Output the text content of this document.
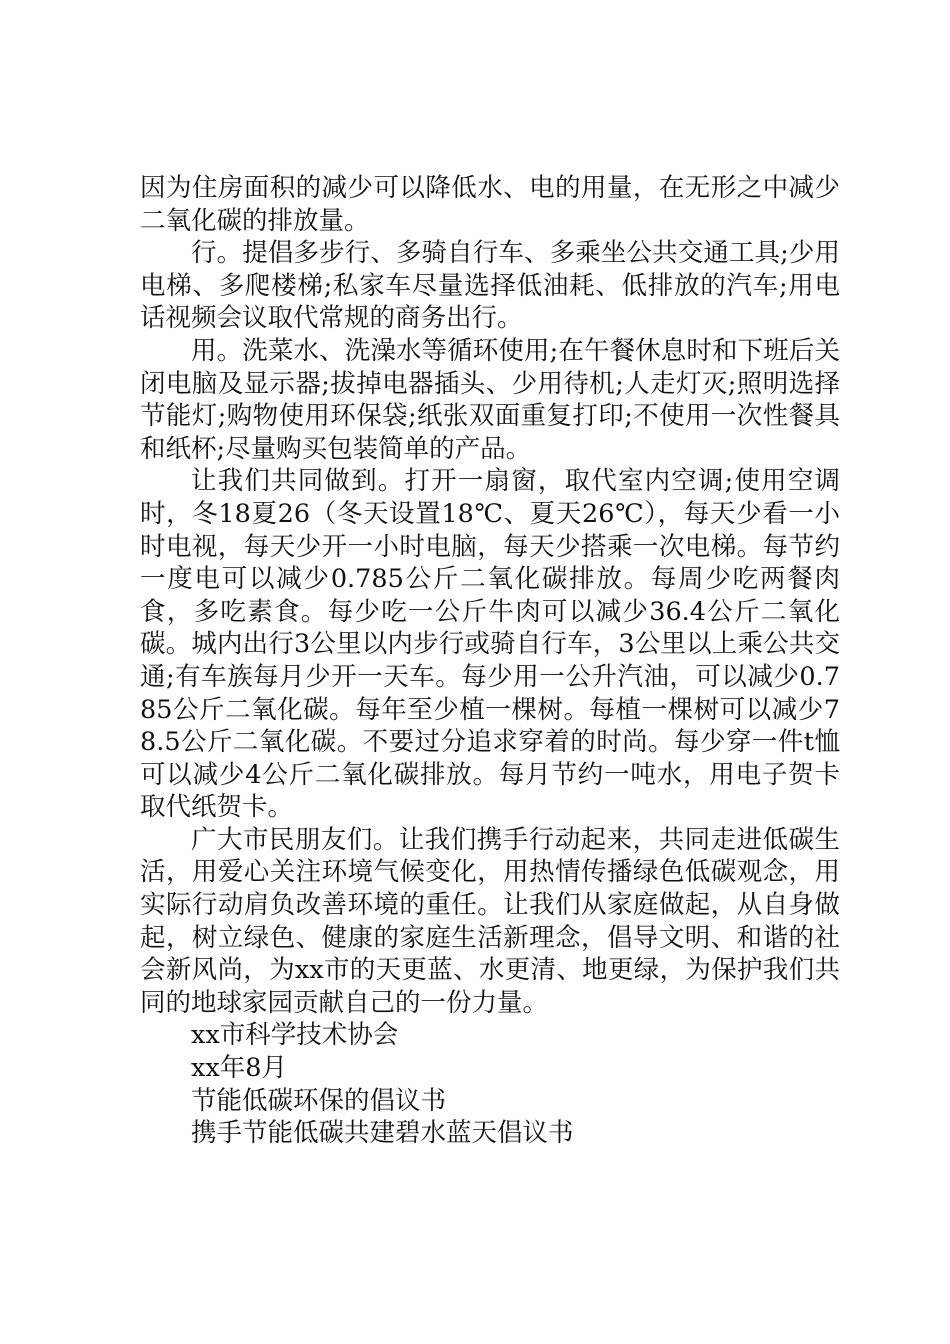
因为住房面积的减少可以降低水、电的用量，在无形之中减少二氧化碳的排放量。

行。提倡多步行、多骑自行车、多乘坐公共交通工具;少用电梯、多爬楼梯;私家车尽量选择低油耗、低排放的汽车;用电话视频会议取代常规的商务出行。

用。洗菜水、洗澡水等循环使用;在午餐休息时和下班后关闭电脑及显示器;拔掉电器插头、少用待机;人走灯灭;照明选择节能灯;购物使用环保袋;纸张双面重复打印;不使用一次性餐具和纸杯;尽量购买包装简单的产品。

让我们共同做到。打开一扇窗，取代室内空调;使用空调时，冬18夏26（冬天设置18℃、夏天26℃），每天少看一小时电视，每天少开一小时电脑，每天少搭乘一次电梯。每节约一度电可以减少0.785公斤二氧化碳排放。每周少吃两餐肉食，多吃素食。每少吃一公斤牛肉可以减少36.4公斤二氧化碳。城内出行3公里以内步行或骑自行车，3公里以上乘公共交通;有车族每月少开一天车。每少用一公升汽油，可以减少0.785公斤二氧化碳。每年至少植一棵树。每植一棵树可以减少78.5公斤二氧化碳。不要过分追求穿着的时尚。每少穿一件t恤可以减少4公斤二氧化碳排放。每月节约一吨水，用电子贺卡取代纸贺卡。

广大市民朋友们。让我们携手行动起来，共同走进低碳生活，用爱心关注环境气候变化，用热情传播绿色低碳观念，用实际行动肩负改善环境的重任。让我们从家庭做起，从自身做起，树立绿色、健康的家庭生活新理念，倡导文明、和谐的社会新风尚，为xx市的天更蓝、水更清、地更绿，为保护我们共同的地球家园贡献自己的一份力量。

xx市科学技术协会

xx年8月

节能低碳环保的倡议书

携手节能低碳共建碧水蓝天倡议书
